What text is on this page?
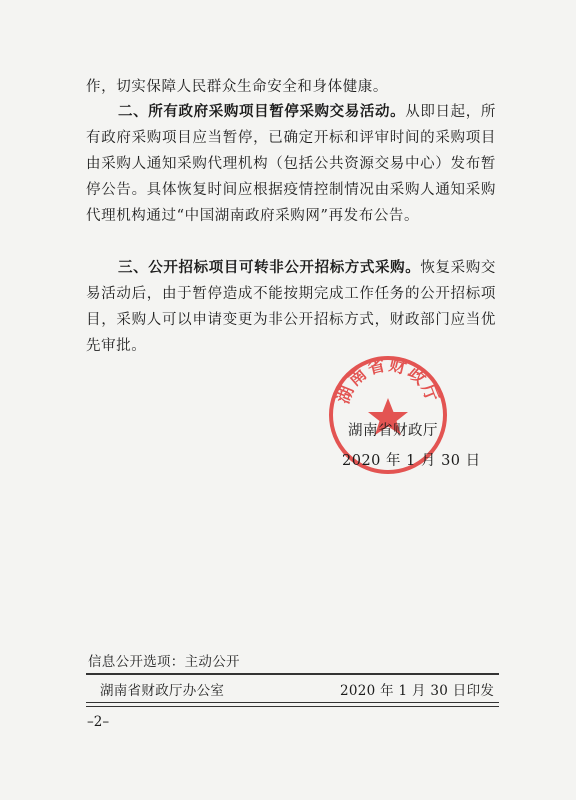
作，切实保障人民群众生命安全和身体健康。
二、所有政府采购项目暂停采购交易活动。从即日起，所有政府采购项目应当暂停，已确定开标和评审时间的采购项目由采购人通知采购代理机构（包括公共资源交易中心）发布暂停公告。具体恢复时间应根据疫情控制情况由采购人通知采购代理机构通过“中国湖南政府采购网”再发布公告。
三、公开招标项目可转非公开招标方式采购。恢复采购交易活动后，由于暂停造成不能按期完成工作任务的公开招标项目，采购人可以申请变更为非公开招标方式，财政部门应当优先审批。
湖南省财政厅
湖南省财政厅
2020 年 1 月 30 日
信息公开选项：主动公开
湖南省财政厅办公室	2020 年 1 月 30 日印发
–2–
